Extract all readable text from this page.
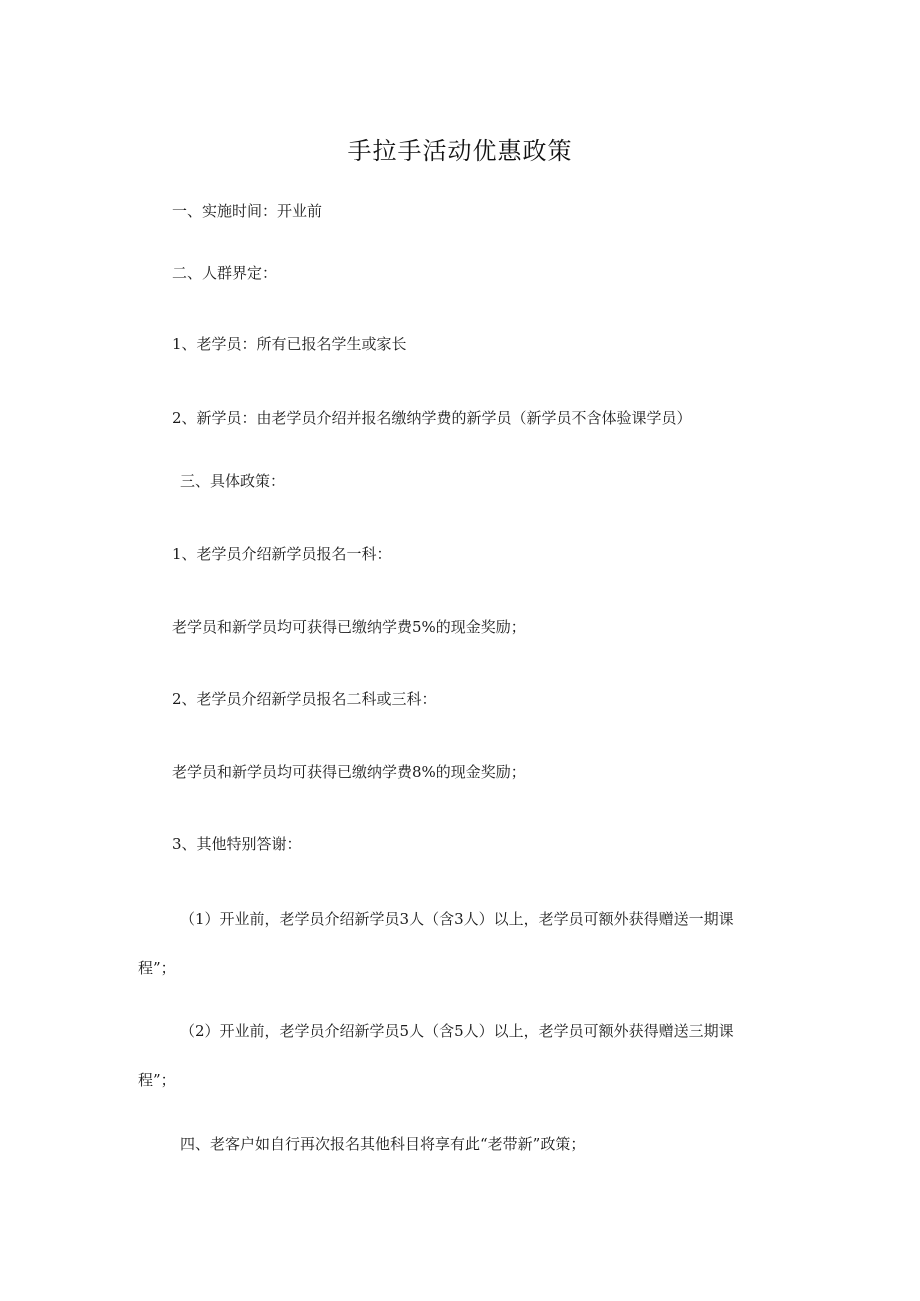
手拉手活动优惠政策
一、实施时间：开业前
二、人群界定：
1、老学员：所有已报名学生或家长
2、新学员：由老学员介绍并报名缴纳学费的新学员（新学员不含体验课学员）
三、具体政策：
1、老学员介绍新学员报名一科：
老学员和新学员均可获得已缴纳学费5%的现金奖励；
2、老学员介绍新学员报名二科或三科：
老学员和新学员均可获得已缴纳学费8%的现金奖励；
3、其他特别答谢：
（1）开业前，老学员介绍新学员3人（含3人）以上，老学员可额外获得赠送一期课
程”；
（2）开业前，老学员介绍新学员5人（含5人）以上，老学员可额外获得赠送三期课
程”；
四、老客户如自行再次报名其他科目将享有此“老带新”政策；
